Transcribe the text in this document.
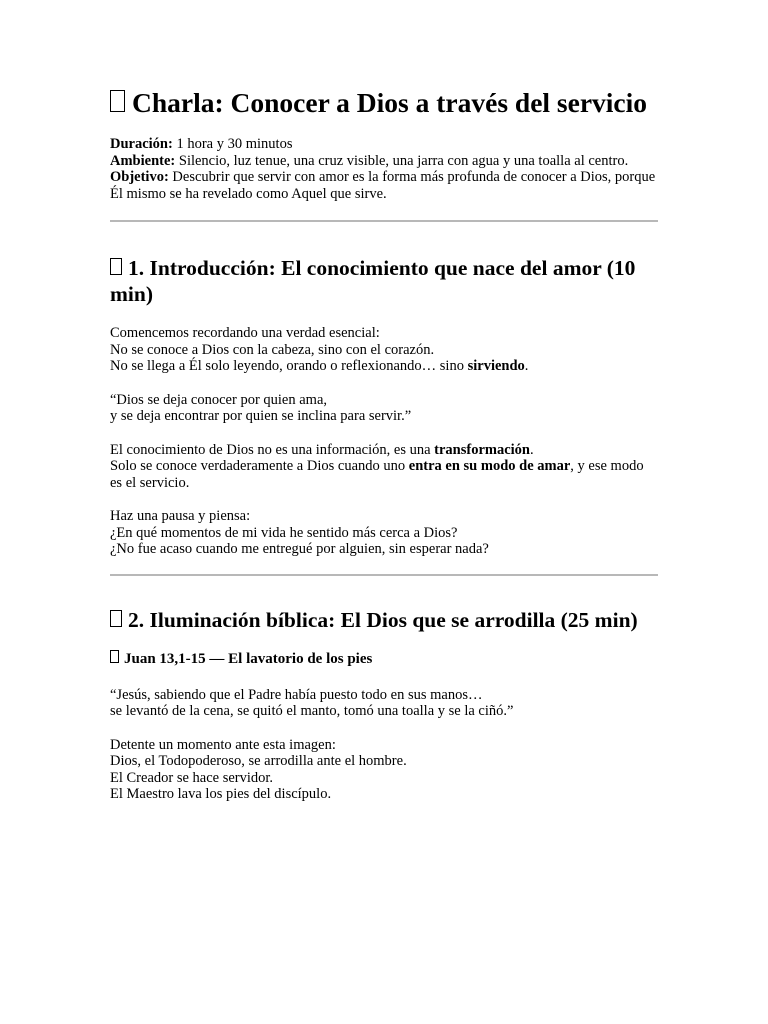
Charla: Conocer a Dios a través del servicio

Duración: 1 hora y 30 minutos
Ambiente: Silencio, luz tenue, una cruz visible, una jarra con agua y una toalla al centro.
Objetivo: Descubrir que servir con amor es la forma más profunda de conocer a Dios, porque Él mismo se ha revelado como Aquel que sirve.

1. Introducción: El conocimiento que nace del amor (10 min)

Comencemos recordando una verdad esencial:
No se conoce a Dios con la cabeza, sino con el corazón.
No se llega a Él solo leyendo, orando o reflexionando… sino sirviendo.

“Dios se deja conocer por quien ama,
y se deja encontrar por quien se inclina para servir.”

El conocimiento de Dios no es una información, es una transformación.
Solo se conoce verdaderamente a Dios cuando uno entra en su modo de amar, y ese modo es el servicio.

Haz una pausa y piensa:
¿En qué momentos de mi vida he sentido más cerca a Dios?
¿No fue acaso cuando me entregué por alguien, sin esperar nada?

2. Iluminación bíblica: El Dios que se arrodilla (25 min)
Juan 13,1-15 — El lavatorio de los pies

“Jesús, sabiendo que el Padre había puesto todo en sus manos…
se levantó de la cena, se quitó el manto, tomó una toalla y se la ciñó.”

Detente un momento ante esta imagen:
Dios, el Todopoderoso, se arrodilla ante el hombre.
El Creador se hace servidor.
El Maestro lava los pies del discípulo.
